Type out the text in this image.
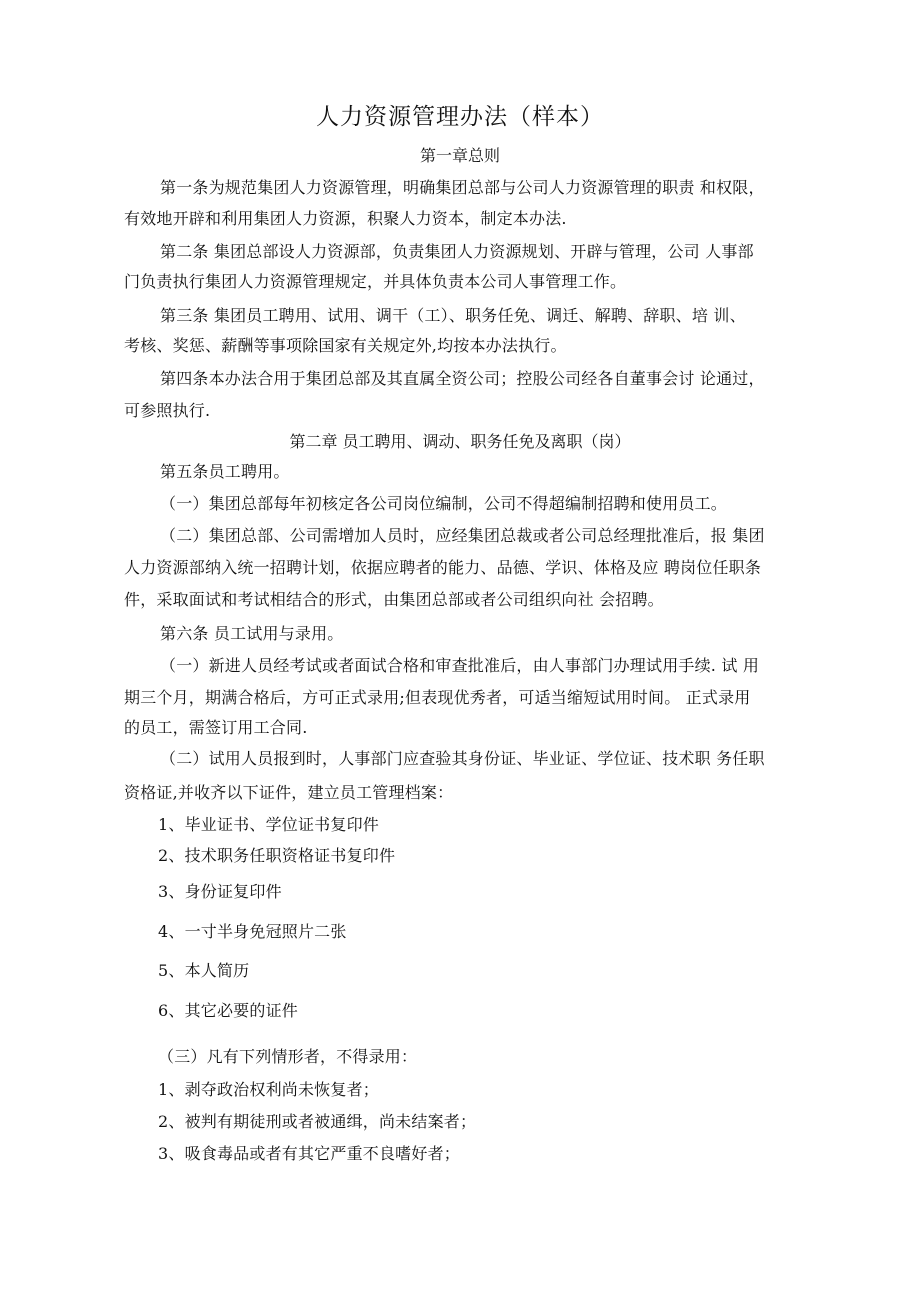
人力资源管理办法（样本）
第一章总则
第一条为规范集团人力资源管理，明确集团总部与公司人力资源管理的职责 和权限，
有效地开辟和利用集团人力资源，积聚人力资本，制定本办法.
第二条 集团总部设人力资源部，负责集团人力资源规划、开辟与管理，公司 人事部
门负责执行集团人力资源管理规定，并具体负责本公司人事管理工作。
第三条 集团员工聘用、试用、调干（工）、职务任免、调迁、解聘、辞职、培 训、
考核、奖惩、薪酬等事项除国家有关规定外,均按本办法执行。
第四条本办法合用于集团总部及其直属全资公司；控股公司经各自董事会讨 论通过，
可参照执行.
第二章 员工聘用、调动、职务任免及离职（岗）
第五条员工聘用。
（一）集团总部每年初核定各公司岗位编制，公司不得超编制招聘和使用员工。
（二）集团总部、公司需增加人员时，应经集团总裁或者公司总经理批准后，报 集团
人力资源部纳入统一招聘计划，依据应聘者的能力、品德、学识、体格及应 聘岗位任职条
件，采取面试和考试相结合的形式，由集团总部或者公司组织向社 会招聘。
第六条 员工试用与录用。
（一）新进人员经考试或者面试合格和审查批准后，由人事部门办理试用手续. 试 用
期三个月，期满合格后，方可正式录用;但表现优秀者，可适当缩短试用时间。 正式录用
的员工，需签订用工合同.
（二）试用人员报到时，人事部门应查验其身份证、毕业证、学位证、技术职 务任职
资格证,并收齐以下证件，建立员工管理档案：
1、毕业证书、学位证书复印件
2、技术职务任职资格证书复印件
3、身份证复印件
4、一寸半身免冠照片二张
5、本人简历
6、其它必要的证件
（三）凡有下列情形者，不得录用：
1、剥夺政治权利尚未恢复者；
2、被判有期徒刑或者被通缉，尚未结案者；
3、吸食毒品或者有其它严重不良嗜好者；
